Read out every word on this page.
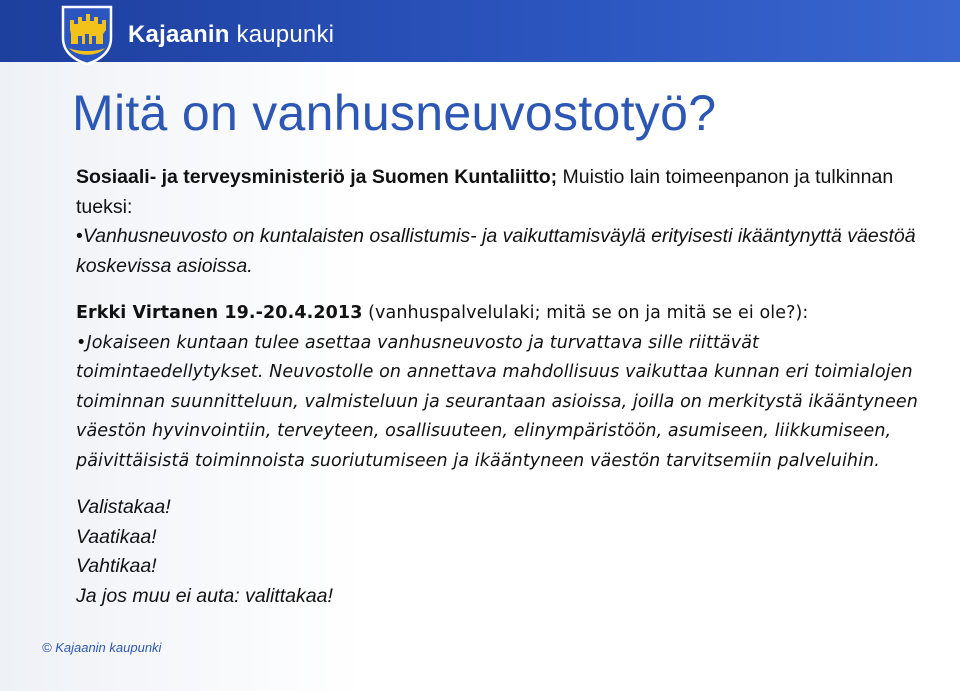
Kajaanin kaupunki
Mitä on vanhusneuvostotyö?

Sosiaali- ja terveysministeriö ja Suomen Kuntaliitto; Muistio lain toimeenpanon ja tulkinnan tueksi:

•Vanhusneuvosto on kuntalaisten osallistumis- ja vaikuttamisväylä erityisesti ikääntynyttä väestöä koskevissa asioissa.

Erkki Virtanen 19.-20.4.2013 (vanhuspalvelulaki; mitä se on ja mitä se ei ole?):

•Jokaiseen kuntaan tulee asettaa vanhusneuvosto ja turvattava sille riittävät toimintaedellytykset. Neuvostolle on annettava mahdollisuus vaikuttaa kunnan eri toimialojen toiminnan suunnitteluun, valmisteluun ja seurantaan asioissa, joilla on merkitystä ikääntyneen väestön hyvinvointiin, terveyteen, osallisuuteen, elinympäristöön, asumiseen, liikkumiseen, päivittäisistä toiminnoista suoriutumiseen ja ikääntyneen väestön tarvitsemiin palveluihin.

Valistakaa!

Vaatikaa!

Vahtikaa!

Ja jos muu ei auta: valittakaa!

© Kajaanin kaupunki
